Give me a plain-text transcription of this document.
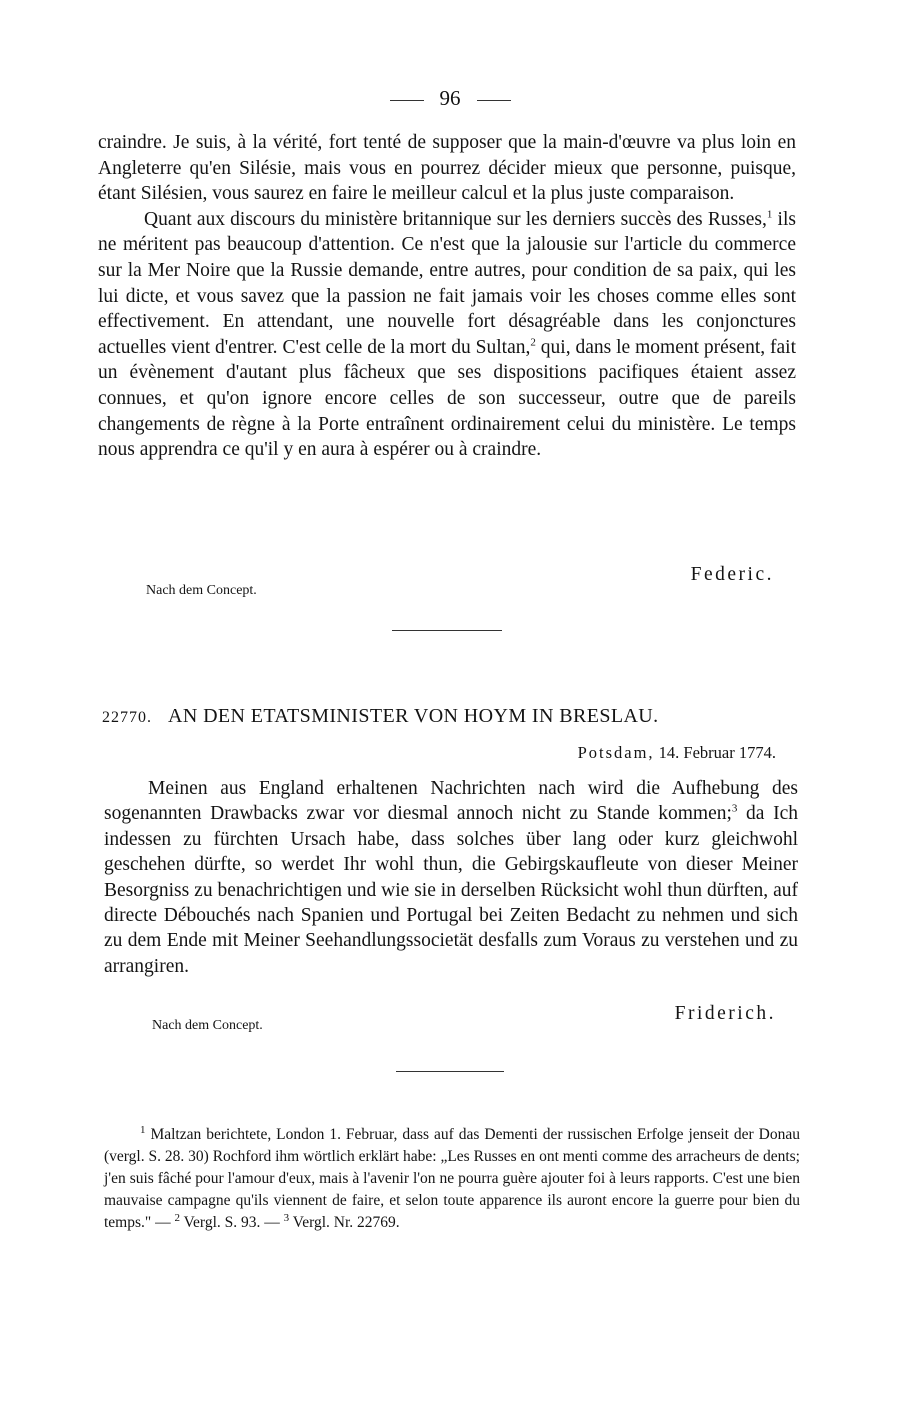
96

craindre. Je suis, à la vérité, fort tenté de supposer que la main-d'œuvre va plus loin en Angleterre qu'en Silésie, mais vous en pourrez décider mieux que personne, puisque, étant Silésien, vous saurez en faire le meilleur calcul et la plus juste comparaison.

Quant aux discours du ministère britannique sur les derniers succès des Russes,$^1$ ils ne méritent pas beaucoup d'attention. Ce n'est que la jalousie sur l'article du commerce sur la Mer Noire que la Russie demande, entre autres, pour condition de sa paix, qui les lui dicte, et vous savez que la passion ne fait jamais voir les choses comme elles sont effectivement. En attendant, une nouvelle fort désagréable dans les conjonctures actuelles vient d'entrer. C'est celle de la mort du Sultan,$^2$ qui, dans le moment présent, fait un évènement d'autant plus fâcheux que ses dispositions pacifiques étaient assez connues, et qu'on ignore encore celles de son successeur, outre que de pareils changements de règne à la Porte entraînent ordinairement celui du ministère. Le temps nous apprendra ce qu'il y en aura à espérer ou à craindre.

Federic.
Nach dem Concept.
22770. AN DEN ETATSMINISTER VON HOYM IN BRESLAU.
Potsdam, 14. Februar 1774.

Meinen aus England erhaltenen Nachrichten nach wird die Aufhebung des sogenannten Drawbacks zwar vor diesmal annoch nicht zu Stande kommen;$^3$ da Ich indessen zu fürchten Ursach habe, dass solches über lang oder kurz gleichwohl geschehen dürfte, so werdet Ihr wohl thun, die Gebirgskaufleute von dieser Meiner Besorgniss zu benachrichtigen und wie sie in derselben Rücksicht wohl thun dürften, auf directe Débouchés nach Spanien und Portugal bei Zeiten Bedacht zu nehmen und sich zu dem Ende mit Meiner Seehandlungssocietät desfalls zum Voraus zu verstehen und zu arrangiren.

Friderich.
Nach dem Concept.

$^1$ Maltzan berichtete, London 1. Februar, dass auf das Dementi der russischen Erfolge jenseit der Donau (vergl. S. 28. 30) Rochford ihm wörtlich erklärt habe: „Les Russes en ont menti comme des arracheurs de dents; j'en suis fâché pour l'amour d'eux, mais à l'avenir l'on ne pourra guère ajouter foi à leurs rapports. C'est une bien mauvaise campagne qu'ils viennent de faire, et selon toute apparence ils auront encore la guerre pour bien du temps." — $^2$ Vergl. S. 93. — $^3$ Vergl. Nr. 22769.
